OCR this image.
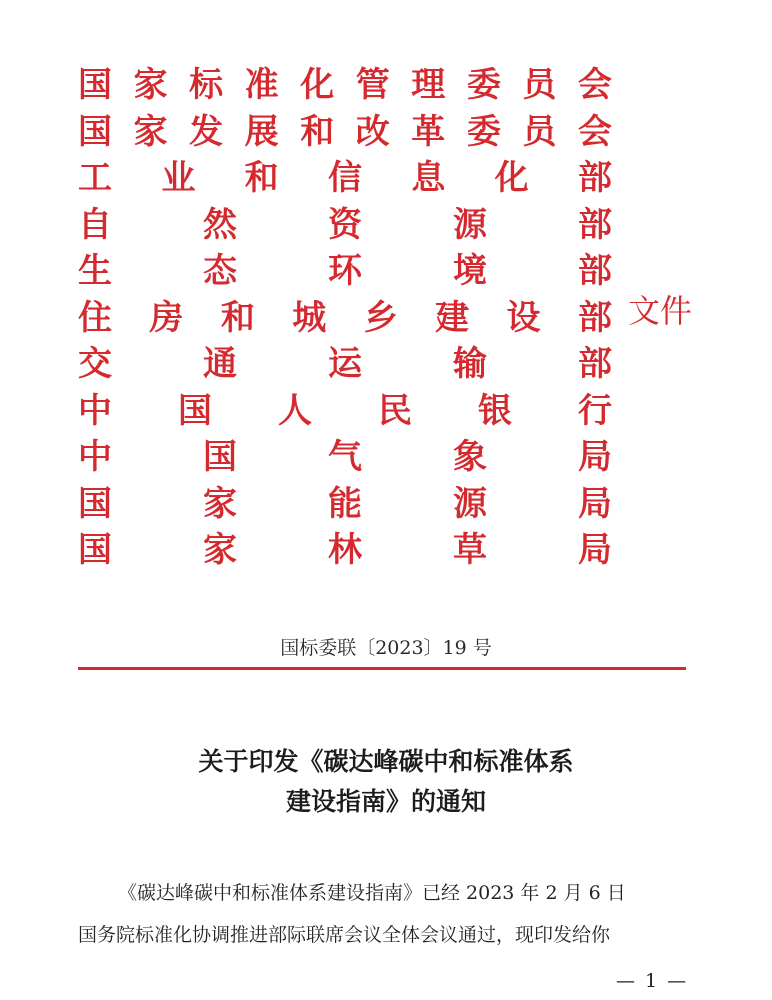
国 家 标 准 化 管 理 委 员 会
国 家 发 展 和 改 革 委 员 会
工 业 和 信 息 化 部
自	然	资	源	部
生	态	环	境	部
住 房 和 城 乡 建 设 部
交	通	运	输	部
中 国 人 民 银 行
中	国	气	象	局
国	家	能	源	局
国	家	林	草	局
文件
国标委联〔2023〕19 号
关于印发《碳达峰碳中和标准体系
建设指南》的通知
《碳达峰碳中和标准体系建设指南》已经 2023 年 2 月 6 日
国务院标准化协调推进部际联席会议全体会议通过，现印发给你
— 1 —
